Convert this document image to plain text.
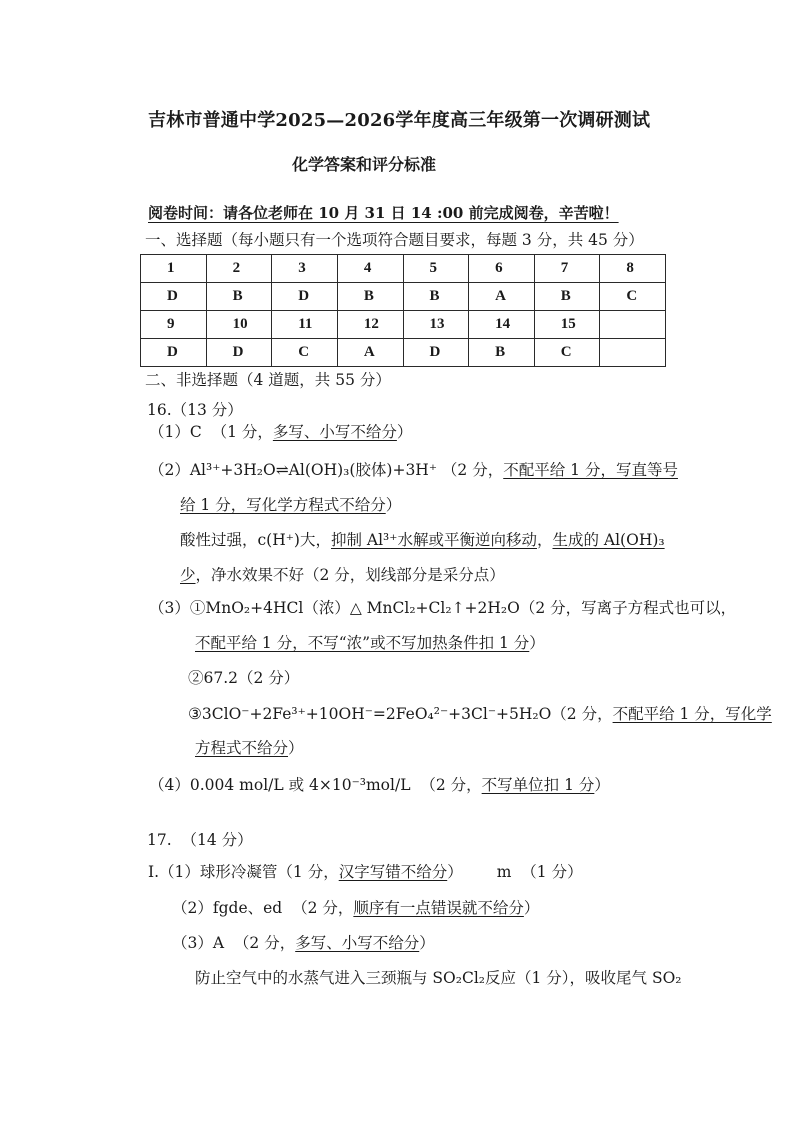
吉林市普通中学2025—2026学年度高三年级第一次调研测试
化学答案和评分标准
阅卷时间：请各位老师在 10 月 31 日 14 :00 前完成阅卷，辛苦啦！
一、选择题（每小题只有一个选项符合题目要求，每题 3 分，共 45 分）
1	2	3	4	5	6	7	8
D	B	D	B	B	A	B	C
9	10	11	12	13	14	15	
D	D	C	A	D	B	C	
二、非选择题（4 道题，共 55 分）
16.（13 分）
（1）C  （1 分，多写、小写不给分）
（2）Al³⁺+3H₂O⇌Al(OH)₃(胶体)+3H⁺ （2 分，不配平给 1 分，写直等号
给 1 分，写化学方程式不给分）
酸性过强，c(H⁺)大，抑制 Al³⁺水解或平衡逆向移动，生成的 Al(OH)₃
少，净水效果不好（2 分，划线部分是采分点）
（3）①MnO₂+4HCl（浓）△ MnCl₂+Cl₂↑+2H₂O（2 分，写离子方程式也可以，
不配平给 1 分，不写“浓”或不写加热条件扣 1 分）
②67.2（2 分）
③3ClO⁻+2Fe³⁺+10OH⁻=2FeO₄²⁻+3Cl⁻+5H₂O（2 分，不配平给 1 分，写化学
方程式不给分）
（4）0.004 mol/L 或 4×10⁻³mol/L  （2 分，不写单位扣 1 分）
17.  （14 分）
Ⅰ.（1）球形冷凝管（1 分，汉字写错不给分） m  （1 分）
（2）fgde、ed  （2 分，顺序有一点错误就不给分）
（3）A  （2 分，多写、小写不给分）
防止空气中的水蒸气进入三颈瓶与 SO₂Cl₂反应（1 分），吸收尾气 SO₂
